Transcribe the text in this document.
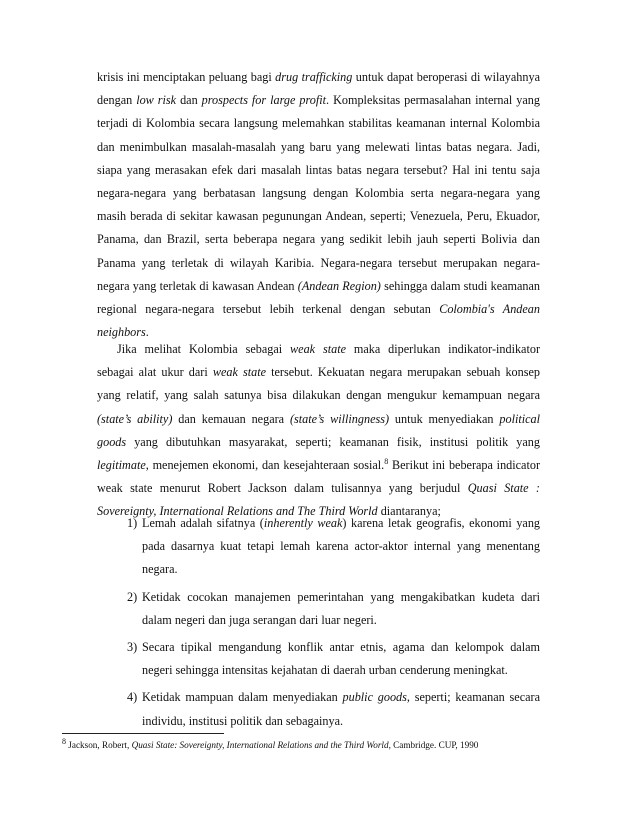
krisis ini menciptakan peluang bagi drug trafficking untuk dapat beroperasi di wilayahnya dengan low risk dan prospects for large profit. Kompleksitas permasalahan internal yang terjadi di Kolombia secara langsung melemahkan stabilitas keamanan internal Kolombia dan menimbulkan masalah-masalah yang baru yang melewati lintas batas negara. Jadi, siapa yang merasakan efek dari masalah lintas batas negara tersebut? Hal ini tentu saja negara-negara yang berbatasan langsung dengan Kolombia serta negara-negara yang masih berada di sekitar kawasan pegunungan Andean, seperti; Venezuela, Peru, Ekuador, Panama, dan Brazil, serta beberapa negara yang sedikit lebih jauh seperti Bolivia dan Panama yang terletak di wilayah Karibia. Negara-negara tersebut merupakan negara-negara yang terletak di kawasan Andean (Andean Region) sehingga dalam studi keamanan regional negara-negara tersebut lebih terkenal dengan sebutan Colombia's Andean neighbors.

Jika melihat Kolombia sebagai weak state maka diperlukan indikator-indikator sebagai alat ukur dari weak state tersebut. Kekuatan negara merupakan sebuah konsep yang relatif, yang salah satunya bisa dilakukan dengan mengukur kemampuan negara (state’s ability) dan kemauan negara (state’s willingness) untuk menyediakan political goods yang dibutuhkan masyarakat, seperti; keamanan fisik, institusi politik yang legitimate, menejemen ekonomi, dan kesejahteraan sosial.$^8$ Berikut ini beberapa indicator weak state menurut Robert Jackson dalam tulisannya yang berjudul Quasi State : Sovereignty, International Relations and The Third World diantaranya;

1) Lemah adalah sifatnya (inherently weak) karena letak geografis, ekonomi yang pada dasarnya kuat tetapi lemah karena actor-aktor internal yang menentang negara.
2) Ketidak cocokan manajemen pemerintahan yang mengakibatkan kudeta dari dalam negeri dan juga serangan dari luar negeri.
3) Secara tipikal mengandung konflik antar etnis, agama dan kelompok dalam negeri sehingga intensitas kejahatan di daerah urban cenderung meningkat.
4) Ketidak mampuan dalam menyediakan public goods, seperti; keamanan secara individu, institusi politik dan sebagainya.

$^8$ Jackson, Robert, Quasi State: Sovereignty, International Relations and the Third World, Cambridge. CUP, 1990
